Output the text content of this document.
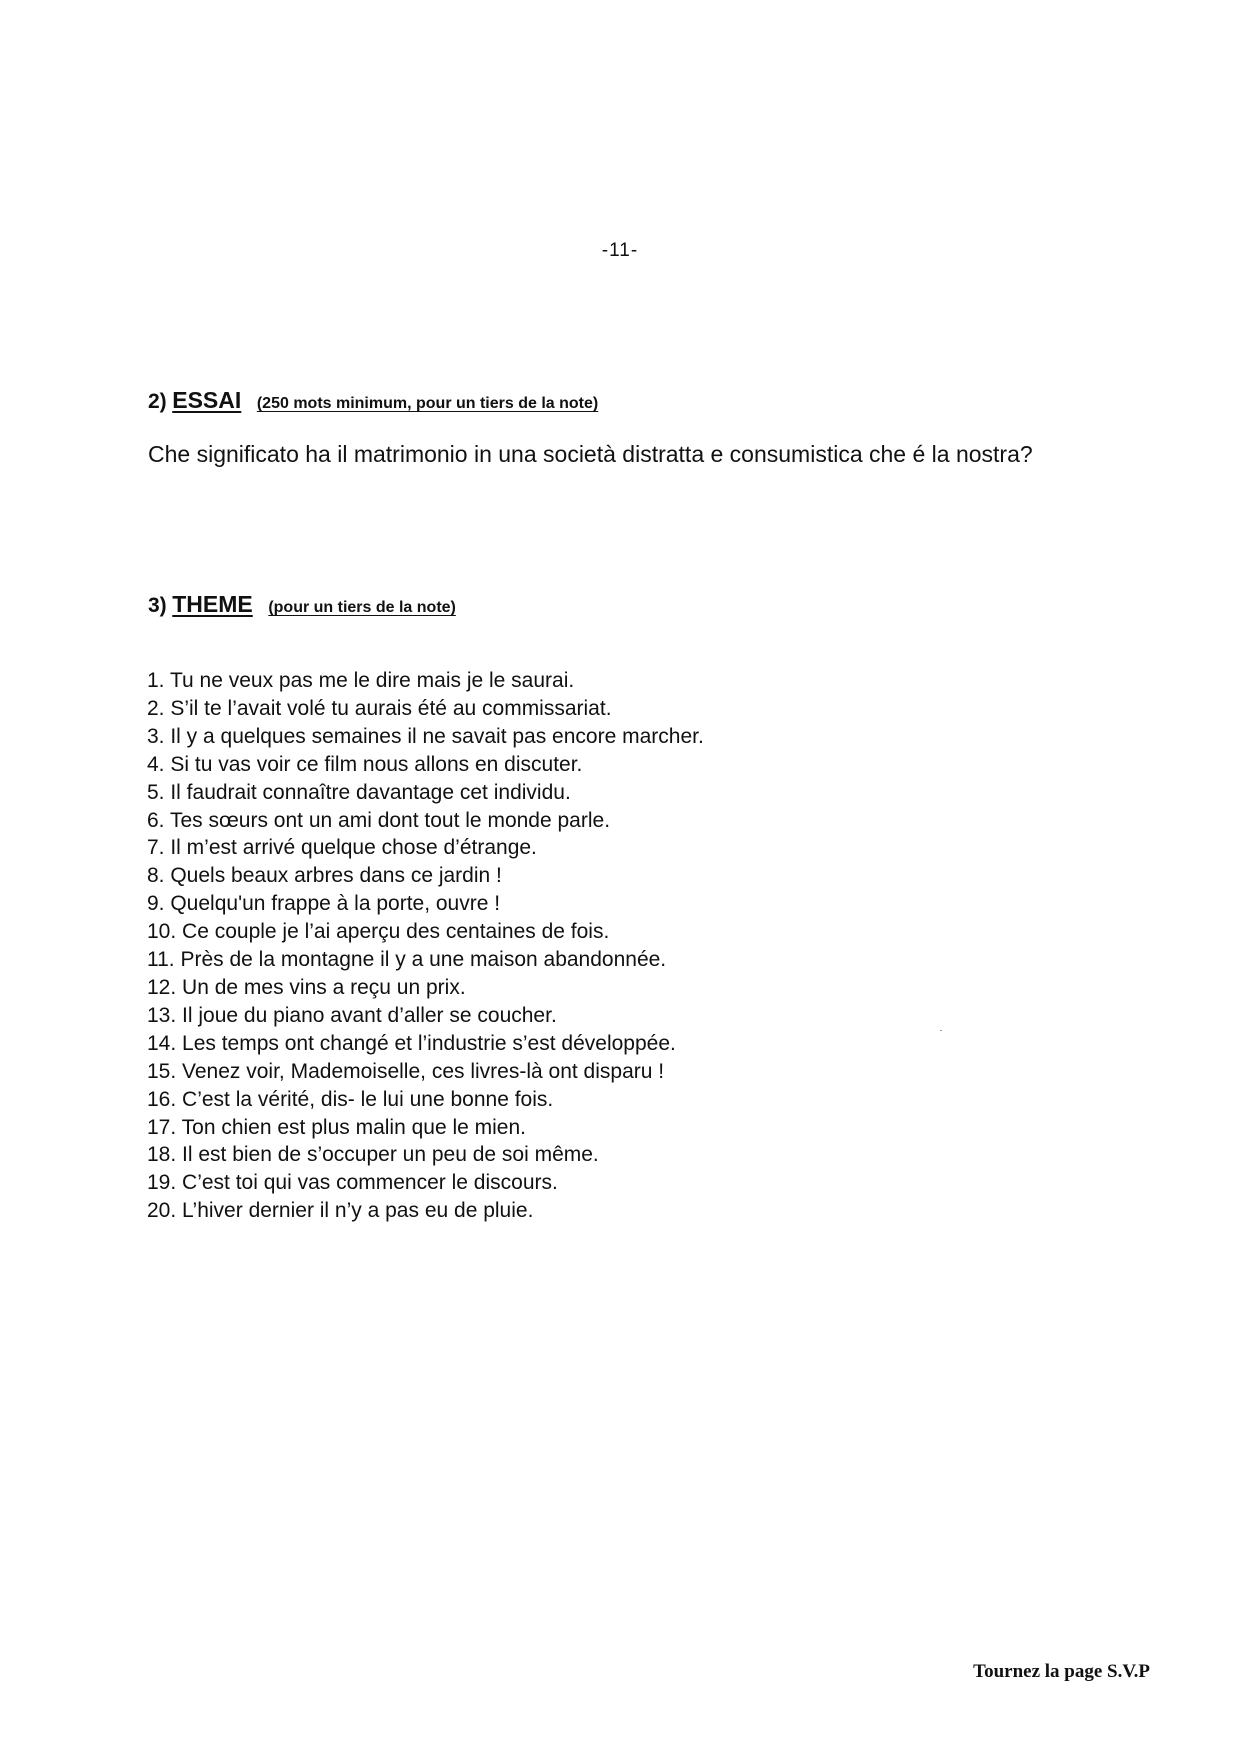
-11-
2) ESSAI (250 mots minimum, pour un tiers de la note)
Che significato ha il matrimonio in una società distratta e consumistica che é la nostra?
3) THEME (pour un tiers de la note)
1. Tu ne veux pas me le dire mais je le saurai.
2. S’il te l’avait volé tu aurais été au commissariat.
3. Il y a quelques semaines il ne savait pas encore marcher.
4. Si tu vas voir ce film nous allons en discuter.
5. Il faudrait connaître davantage cet individu.
6. Tes sœurs ont un ami dont tout le monde parle.
7. Il m’est arrivé quelque chose d’étrange.
8. Quels beaux arbres dans ce jardin !
9. Quelqu'un frappe à la porte, ouvre !
10. Ce couple je l’ai aperçu des centaines de fois.
11. Près de la montagne il y a une maison abandonnée.
12. Un de mes vins a reçu un prix.
13. Il joue du piano avant d’aller se coucher.
14. Les temps ont changé et l’industrie s’est développée.
15. Venez voir, Mademoiselle, ces livres-là ont disparu !
16. C’est la vérité, dis- le lui une bonne fois.
17. Ton chien est plus malin que le mien.
18. Il est bien de s’occuper un peu de soi même.
19. C’est toi qui vas commencer le discours.
20. L’hiver dernier il n’y a pas eu de pluie.
Tournez la page S.V.P
